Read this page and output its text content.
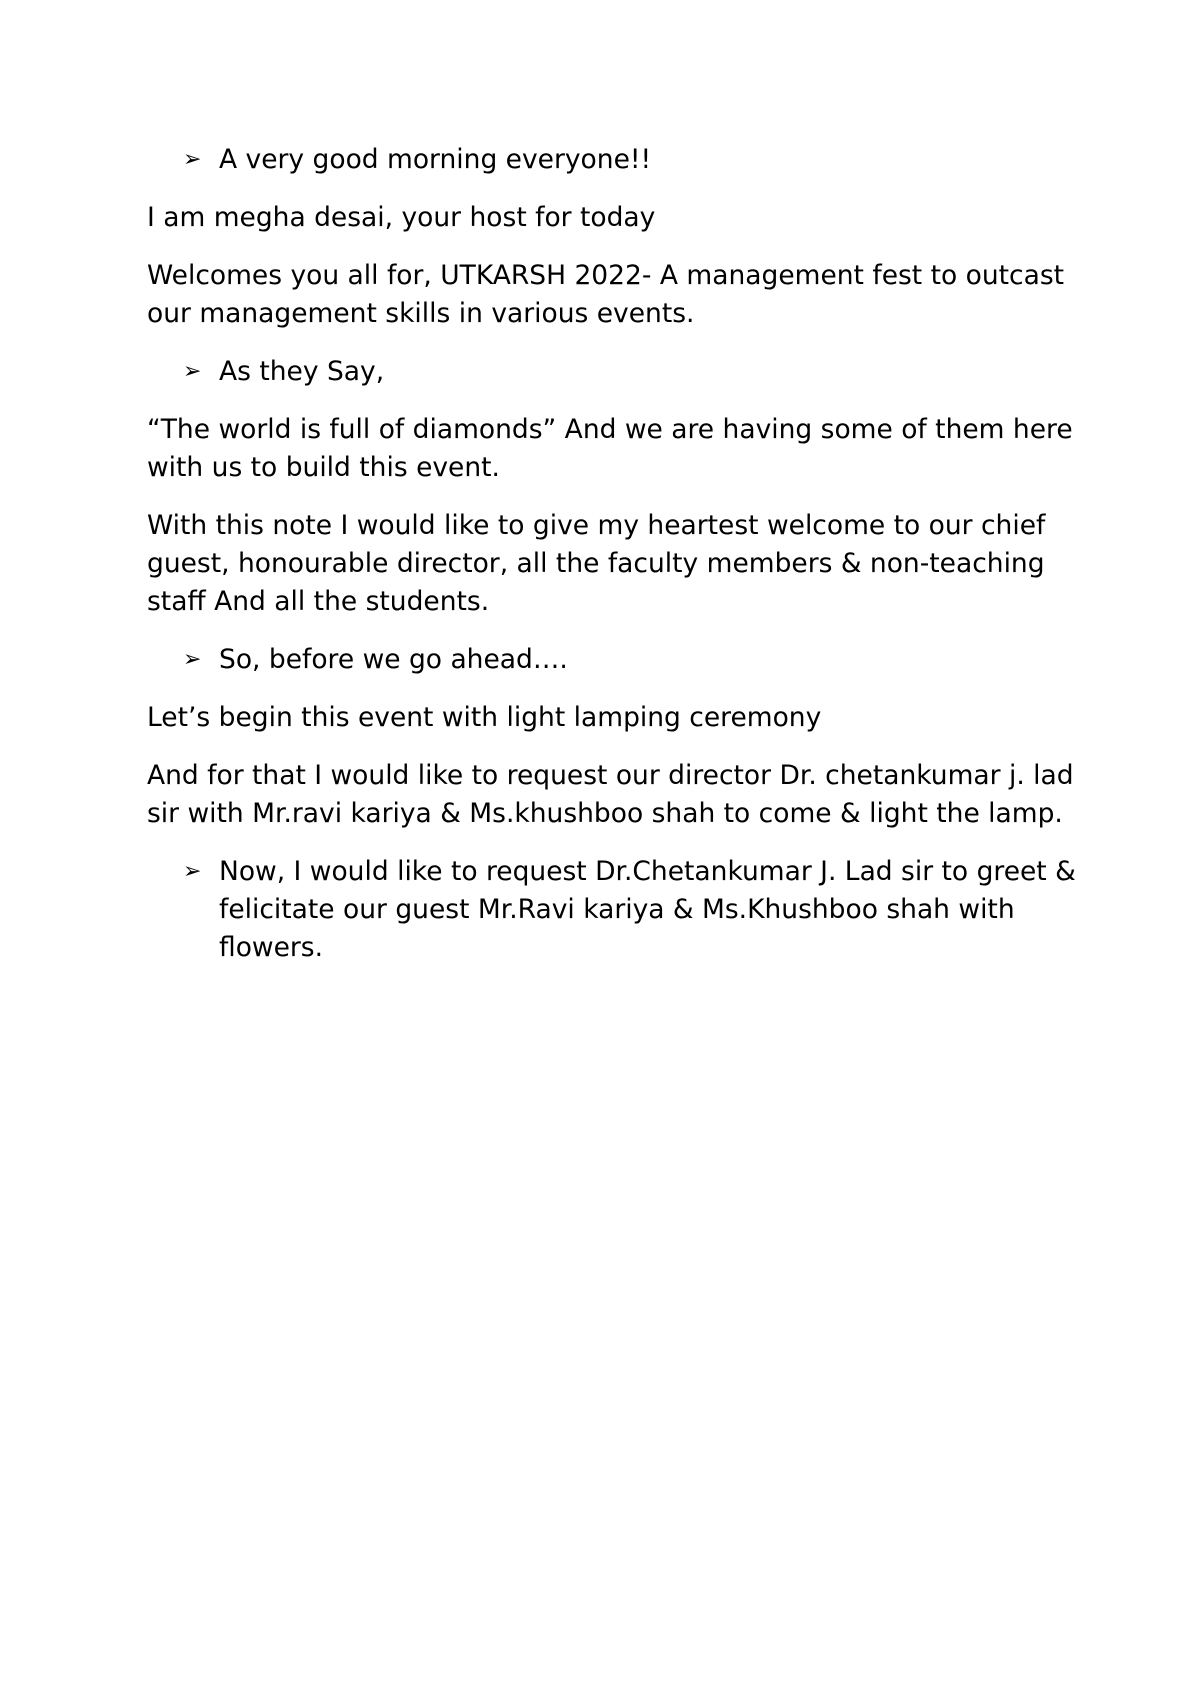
➢ A very good morning everyone!!

I am megha desai, your host for today

Welcomes you all for, UTKARSH 2022- A management fest to outcast our management skills in various events.

➢ As they Say,

“The world is full of diamonds” And we are having some of them here with us to build this event.

With this note I would like to give my heartest welcome to our chief guest, honourable director, all the faculty members & non-teaching staff And all the students.

➢ So, before we go ahead….

Let’s begin this event with light lamping ceremony

And for that I would like to request our director Dr. chetankumar j. lad sir with Mr.ravi kariya & Ms.khushboo shah to come & light the lamp.

➢ Now, I would like to request Dr.Chetankumar J. Lad sir to greet & felicitate our guest Mr.Ravi kariya & Ms.Khushboo shah with flowers.
